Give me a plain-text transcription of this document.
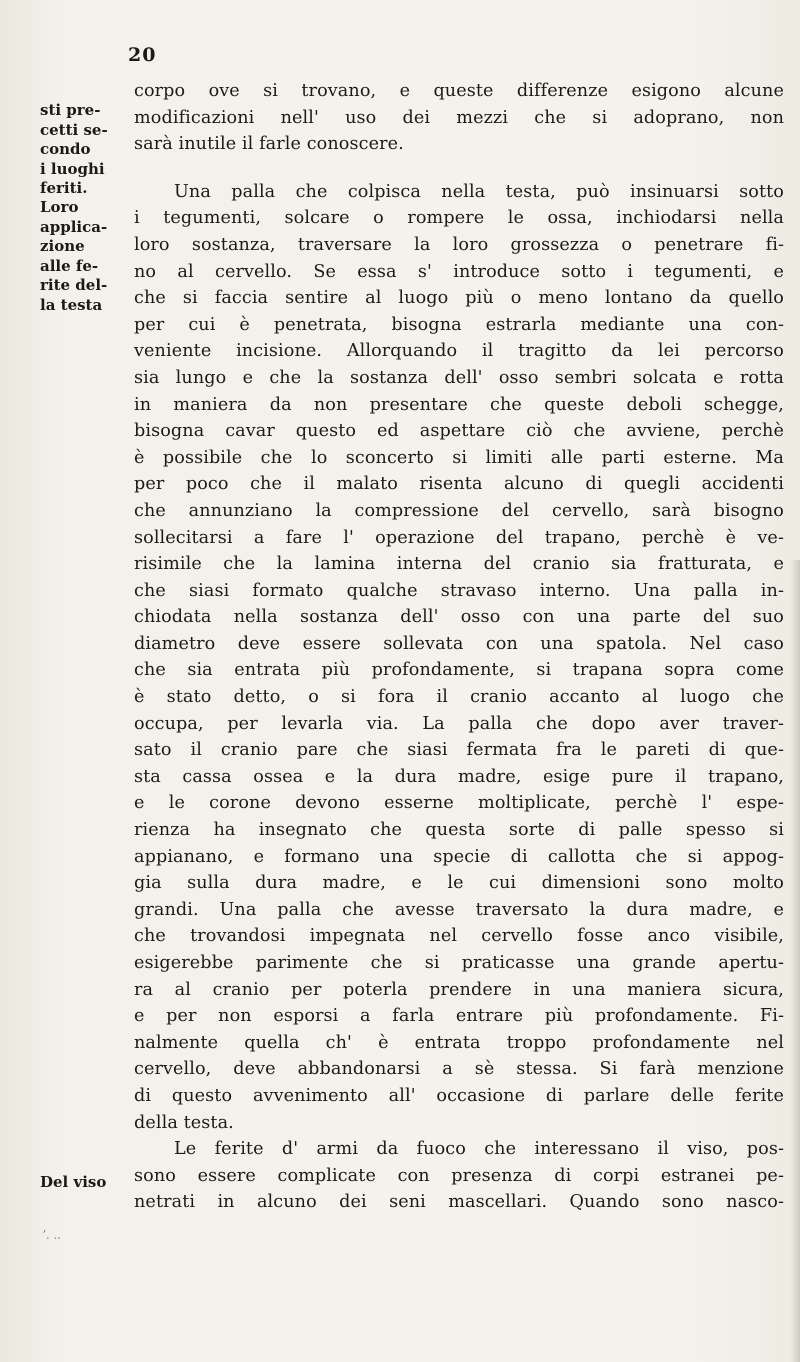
20
sti pre-
cetti se-
condo
i luoghi
feriti.
Loro
applica-
zione
alle fe-
rite del-
la testa
Del viso
corpo ove si trovano, e queste differenze esigono alcune
modificazioni nell' uso dei mezzi che si adoprano, non
sarà inutile il farle conoscere.
Una palla che colpisca nella testa, può insinuarsi sotto
i tegumenti, solcare o rompere le ossa, inchiodarsi nella
loro sostanza, traversare la loro grossezza o penetrare fi-
no al cervello. Se essa s' introduce sotto i tegumenti, e
che si faccia sentire al luogo più o meno lontano da quello
per cui è penetrata, bisogna estrarla mediante una con-
veniente incisione. Allorquando il tragitto da lei percorso
sia lungo e che la sostanza dell' osso sembri solcata e rotta
in maniera da non presentare che queste deboli schegge,
bisogna cavar questo ed aspettare ciò che avviene, perchè
è possibile che lo sconcerto si limiti alle parti esterne. Ma
per poco che il malato risenta alcuno di quegli accidenti
che annunziano la compressione del cervello, sarà bisogno
sollecitarsi a fare l' operazione del trapano, perchè è ve-
risimile che la lamina interna del cranio sia fratturata, e
che siasi formato qualche stravaso interno. Una palla in-
chiodata nella sostanza dell' osso con una parte del suo
diametro deve essere sollevata con una spatola. Nel caso
che sia entrata più profondamente, si trapana sopra come
è stato detto, o si fora il cranio accanto al luogo che
occupa, per levarla via. La palla che dopo aver traver-
sato il cranio pare che siasi fermata fra le pareti di que-
sta cassa ossea e la dura madre, esige pure il trapano,
e le corone devono esserne moltiplicate, perchè l' espe-
rienza ha insegnato che questa sorte di palle spesso si
appianano, e formano una specie di callotta che si appog-
gia sulla dura madre, e le cui dimensioni sono molto
grandi. Una palla che avesse traversato la dura madre, e
che trovandosi impegnata nel cervello fosse anco visibile,
esigerebbe parimente che si praticasse una grande apertu-
ra al cranio per poterla prendere in una maniera sicura,
e per non esporsi a farla entrare più profondamente. Fi-
nalmente quella ch' è entrata troppo profondamente nel
cervello, deve abbandonarsi a sè stessa. Si farà menzione
di questo avvenimento all' occasione di parlare delle ferite
della testa.
Le ferite d' armi da fuoco che interessano il viso, pos-
sono essere complicate con presenza di corpi estranei pe-
netrati in alcuno dei seni mascellari. Quando sono nasco-
ʼ. ..
